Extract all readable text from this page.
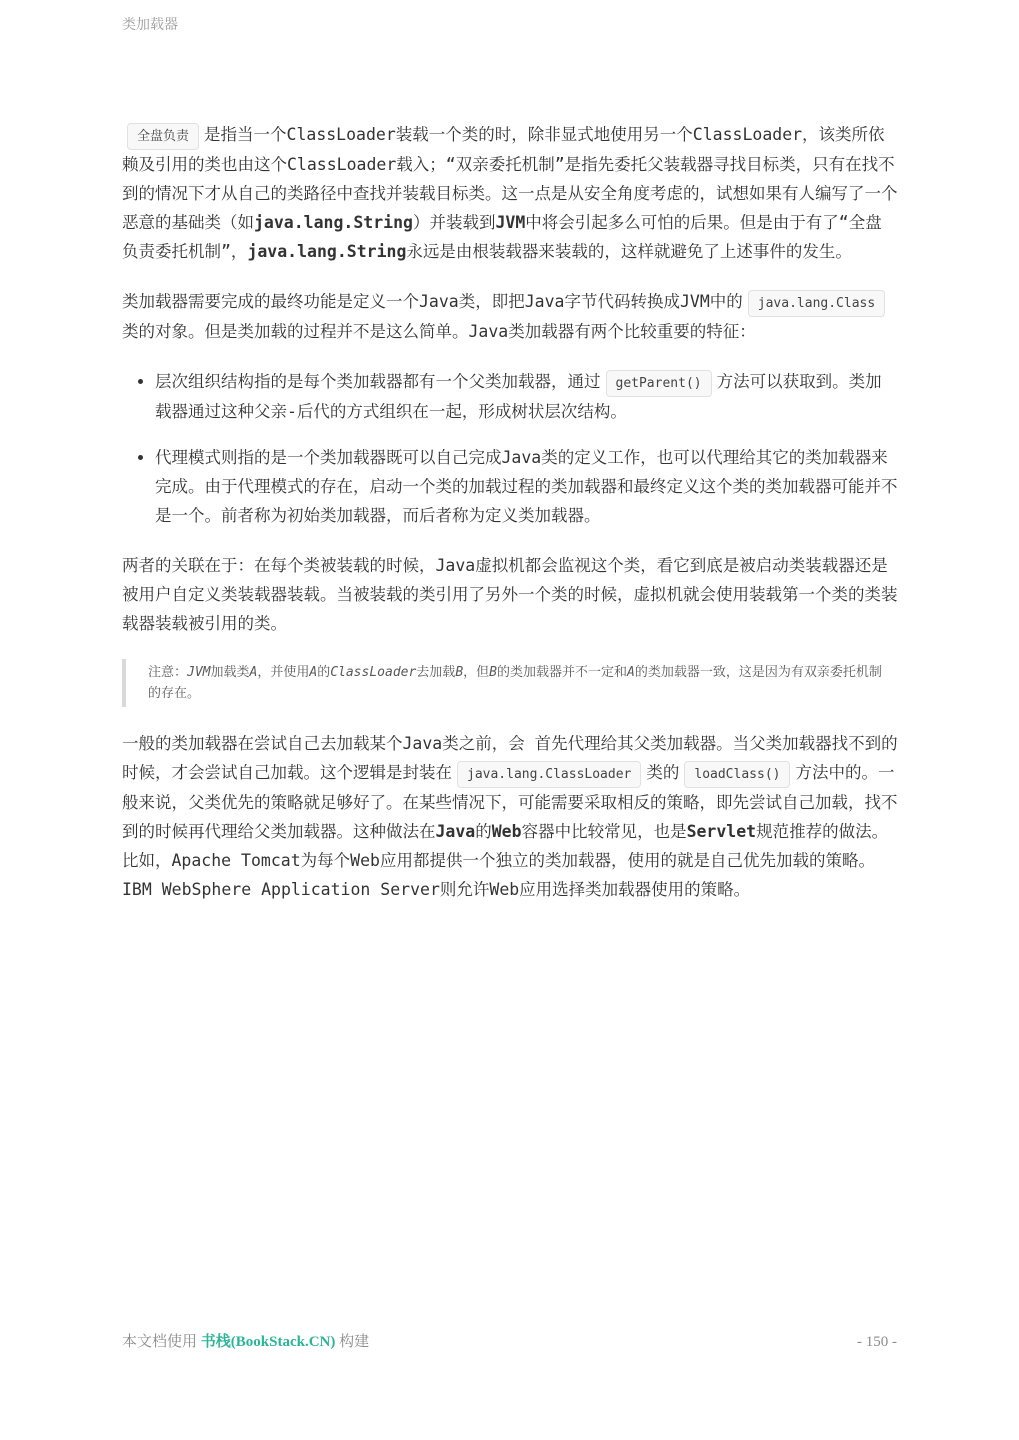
类加载器

全盘负责 是指当一个ClassLoader装载一个类的时，除非显式地使用另一个ClassLoader，该类所依赖及引用的类也由这个ClassLoader载入；“双亲委托机制”是指先委托父装载器寻找目标类，只有在找不到的情况下才从自己的类路径中查找并装载目标类。这一点是从安全角度考虑的，试想如果有人编写了一个恶意的基础类（如java.lang.String）并装载到JVM中将会引起多么可怕的后果。但是由于有了“全盘负责委托机制”，java.lang.String永远是由根装载器来装载的，这样就避免了上述事件的发生。

类加载器需要完成的最终功能是定义一个Java类，即把Java字节代码转换成JVM中的 java.lang.Class类的对象。但是类加载的过程并不是这么简单。Java类加载器有两个比较重要的特征：

• 层次组织结构指的是每个类加载器都有一个父类加载器，通过 getParent() 方法可以获取到。类加载器通过这种父亲-后代的方式组织在一起，形成树状层次结构。
• 代理模式则指的是一个类加载器既可以自己完成Java类的定义工作，也可以代理给其它的类加载器来完成。由于代理模式的存在，启动一个类的加载过程的类加载器和最终定义这个类的类加载器可能并不是一个。前者称为初始类加载器，而后者称为定义类加载器。

两者的关联在于：在每个类被装载的时候，Java虚拟机都会监视这个类，看它到底是被启动类装载器还是被用户自定义类装载器装载。当被装载的类引用了另外一个类的时候，虚拟机就会使用装载第一个类的类装载器装载被引用的类。

注意：JVM加载类A，并使用A的ClassLoader去加载B，但B的类加载器并不一定和A的类加载器一致，这是因为有双亲委托机制的存在。

一般的类加载器在尝试自己去加载某个Java类之前，会 首先代理给其父类加载器。当父类加载器找不到的时候，才会尝试自己加载。这个逻辑是封装在 java.lang.ClassLoader 类的 loadClass() 方法中的。一般来说，父类优先的策略就足够好了。在某些情况下，可能需要采取相反的策略，即先尝试自己加载，找不到的时候再代理给父类加载器。这种做法在Java的Web容器中比较常见，也是Servlet规范推荐的做法。 比如，Apache Tomcat为每个Web应用都提供一个独立的类加载器，使用的就是自己优先加载的策略。IBM WebSphere Application Server则允许Web应用选择类加载器使用的策略。

本文档使用 书栈(BookStack.CN) 构建	- 150 -
